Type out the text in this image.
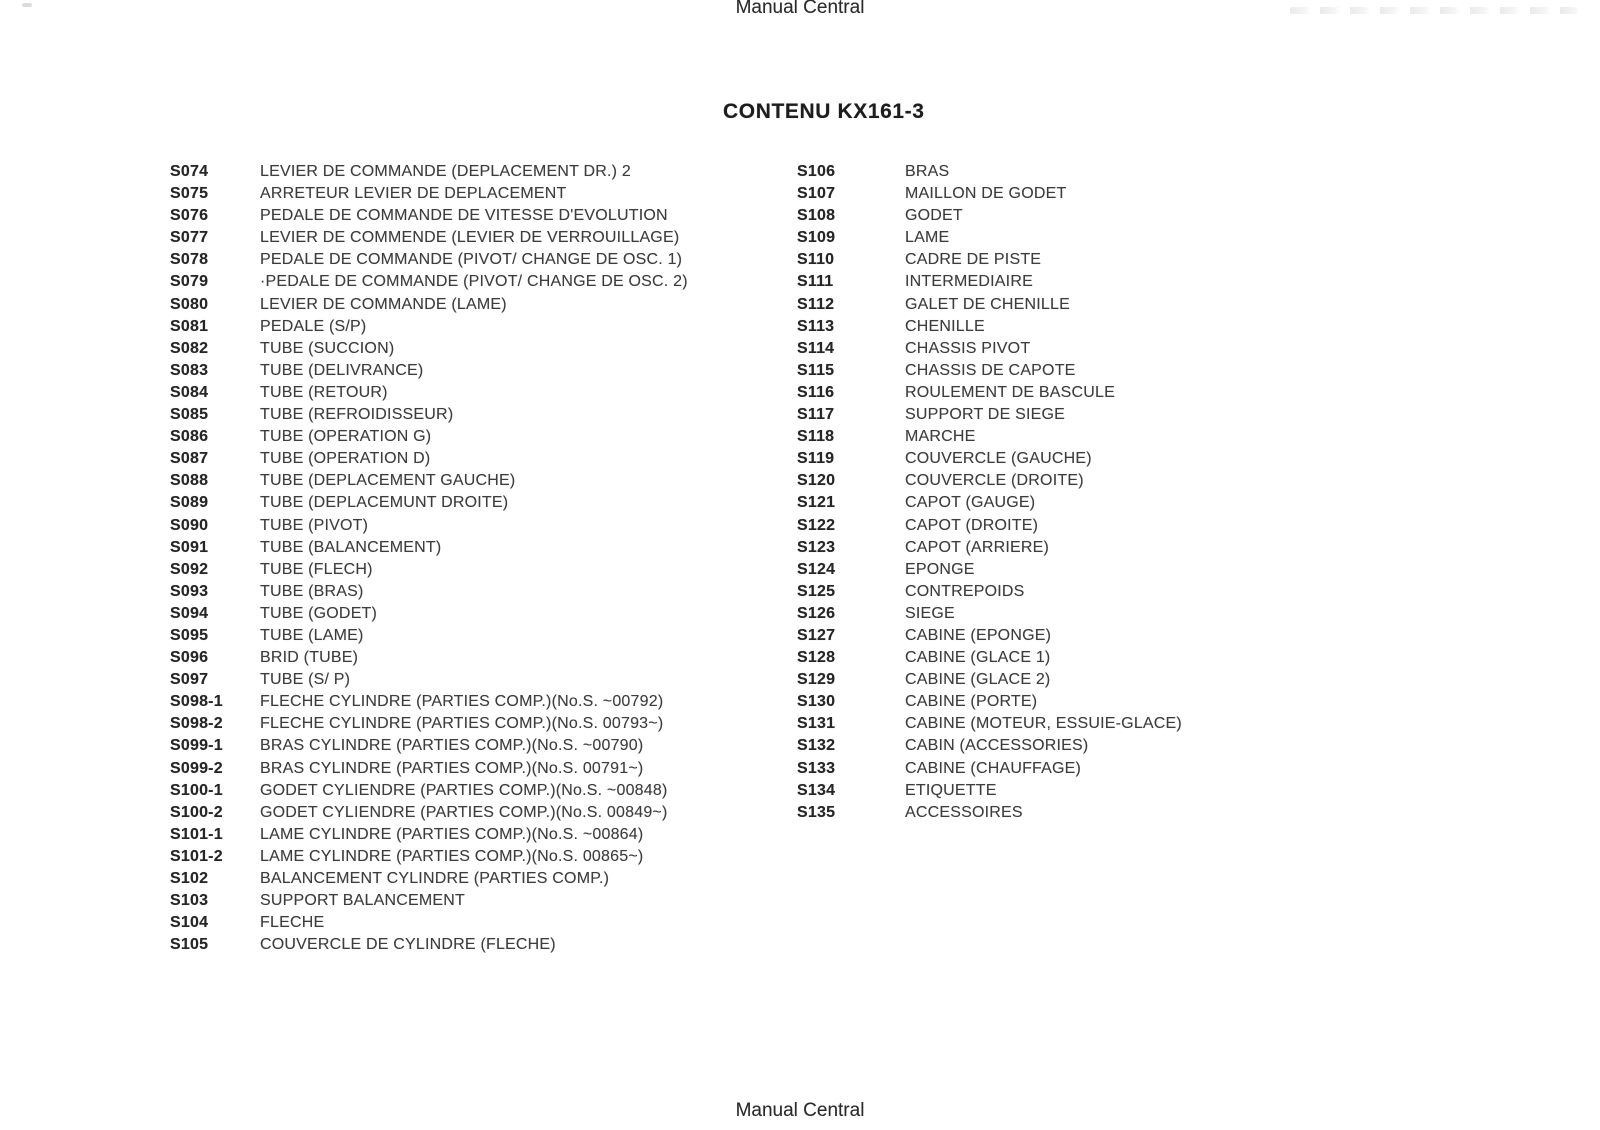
Manual Central
CONTENU KX161-3
S074	LEVIER DE COMMANDE (DEPLACEMENT DR.) 2
S075	ARRETEUR LEVIER DE DEPLACEMENT
S076	PEDALE DE COMMANDE DE VITESSE D'EVOLUTION
S077	LEVIER DE COMMENDE (LEVIER DE VERROUILLAGE)
S078	PEDALE DE COMMANDE (PIVOT/ CHANGE DE OSC. 1)
S079	·PEDALE DE COMMANDE (PIVOT/ CHANGE DE OSC. 2)
S080	LEVIER DE COMMANDE (LAME)
S081	PEDALE (S/P)
S082	TUBE (SUCCION)
S083	TUBE (DELIVRANCE)
S084	TUBE (RETOUR)
S085	TUBE (REFROIDISSEUR)
S086	TUBE (OPERATION G)
S087	TUBE (OPERATION D)
S088	TUBE (DEPLACEMENT GAUCHE)
S089	TUBE (DEPLACEMUNT DROITE)
S090	TUBE (PIVOT)
S091	TUBE (BALANCEMENT)
S092	TUBE (FLECH)
S093	TUBE (BRAS)
S094	TUBE (GODET)
S095	TUBE (LAME)
S096	BRID (TUBE)
S097	TUBE (S/ P)
S098-1	FLECHE CYLINDRE (PARTIES COMP.)(No.S. ~00792)
S098-2	FLECHE CYLINDRE (PARTIES COMP.)(No.S. 00793~)
S099-1	BRAS CYLINDRE (PARTIES COMP.)(No.S. ~00790)
S099-2	BRAS CYLINDRE (PARTIES COMP.)(No.S. 00791~)
S100-1	GODET CYLIENDRE (PARTIES COMP.)(No.S. ~00848)
S100-2	GODET CYLIENDRE (PARTIES COMP.)(No.S. 00849~)
S101-1	LAME CYLINDRE (PARTIES COMP.)(No.S. ~00864)
S101-2	LAME CYLINDRE (PARTIES COMP.)(No.S. 00865~)
S102	BALANCEMENT CYLINDRE (PARTIES COMP.)
S103	SUPPORT BALANCEMENT
S104	FLECHE
S105	COUVERCLE DE CYLINDRE (FLECHE)
S106	BRAS
S107	MAILLON DE GODET
S108	GODET
S109	LAME
S110	CADRE DE PISTE
S111	INTERMEDIAIRE
S112	GALET DE CHENILLE
S113	CHENILLE
S114	CHASSIS PIVOT
S115	CHASSIS DE CAPOTE
S116	ROULEMENT DE BASCULE
S117	SUPPORT DE SIEGE
S118	MARCHE
S119	COUVERCLE (GAUCHE)
S120	COUVERCLE (DROITE)
S121	CAPOT (GAUGE)
S122	CAPOT (DROITE)
S123	CAPOT (ARRIERE)
S124	EPONGE
S125	CONTREPOIDS
S126	SIEGE
S127	CABINE (EPONGE)
S128	CABINE (GLACE 1)
S129	CABINE (GLACE 2)
S130	CABINE (PORTE)
S131	CABINE (MOTEUR, ESSUIE-GLACE)
S132	CABIN (ACCESSORIES)
S133	CABINE (CHAUFFAGE)
S134	ETIQUETTE
S135	ACCESSOIRES
Manual Central
